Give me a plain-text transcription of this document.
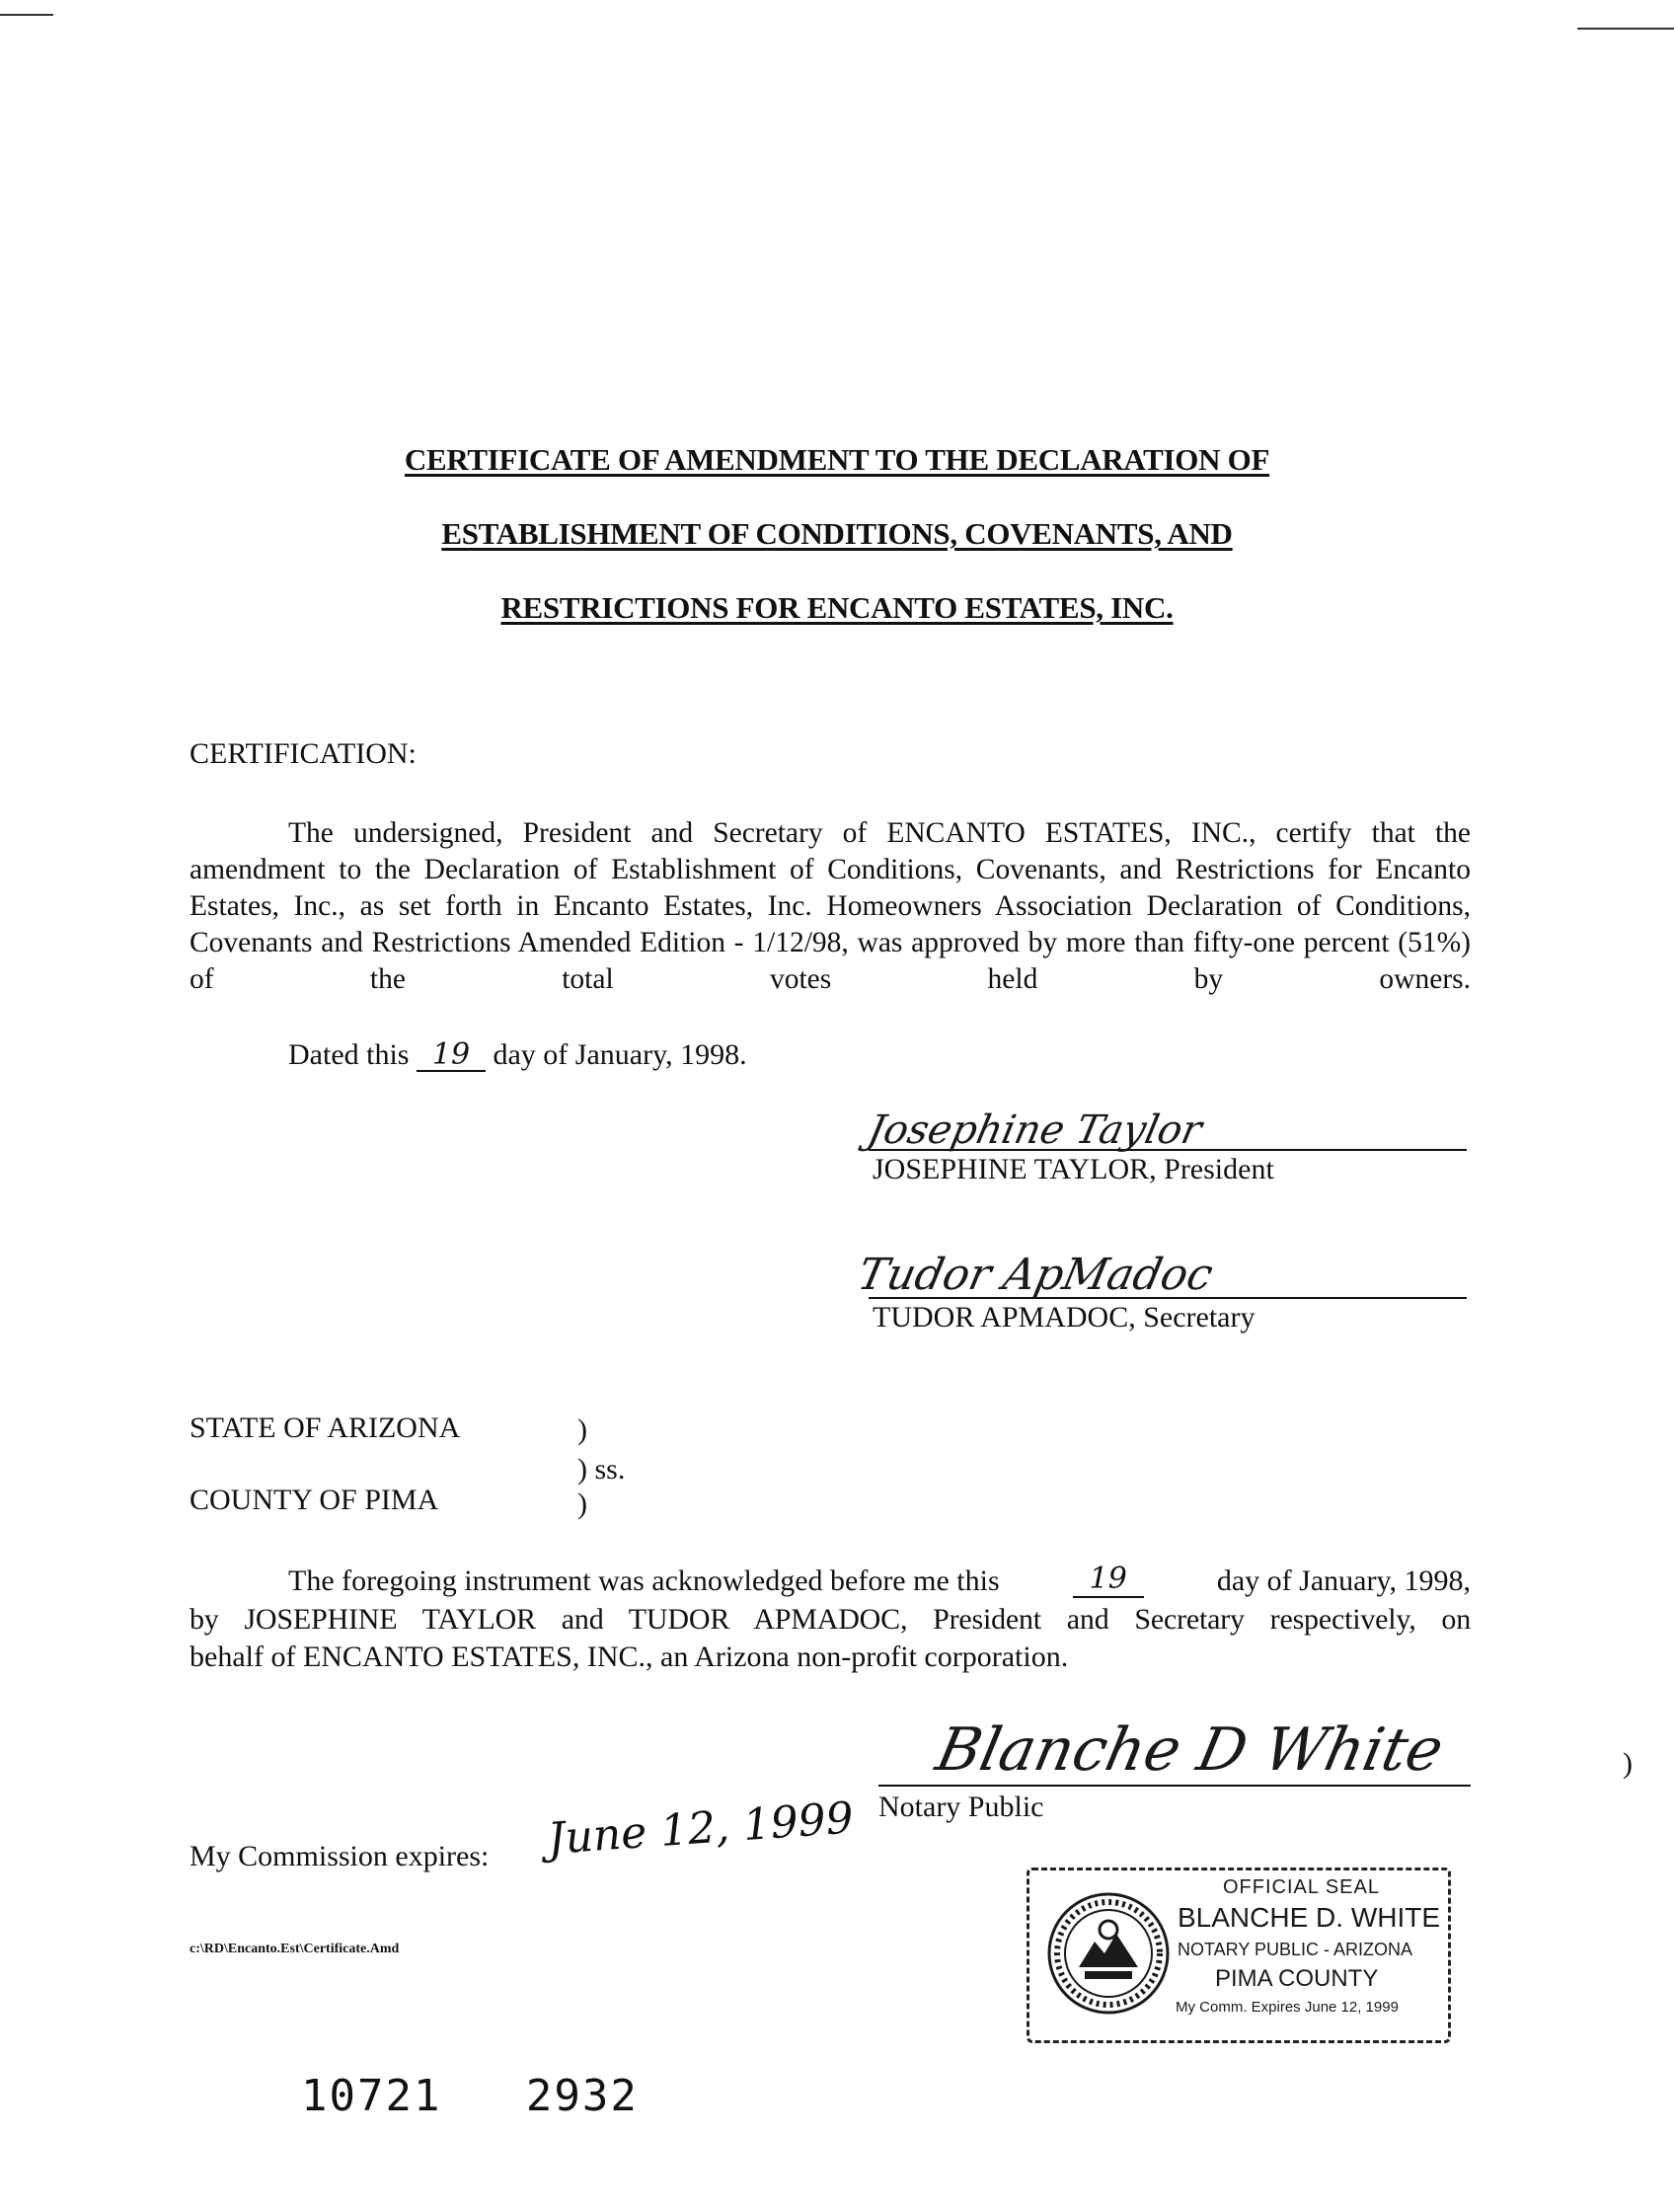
CERTIFICATE OF AMENDMENT TO THE DECLARATION OF
ESTABLISHMENT OF CONDITIONS, COVENANTS, AND
RESTRICTIONS FOR ENCANTO ESTATES, INC.
CERTIFICATION:
The undersigned, President and Secretary of ENCANTO ESTATES, INC., certify that the amendment to the Declaration of Establishment of Conditions, Covenants, and Restrictions for Encanto Estates, Inc., as set forth in Encanto Estates, Inc. Homeowners Association Declaration of Conditions, Covenants and Restrictions Amended Edition - 1/12/98, was approved by more than fifty-one percent (51%) of the total votes held by owners.
Dated this 19 day of January, 1998.
Josephine Taylor
JOSEPHINE TAYLOR, President
Tudor ApMadoc
TUDOR APMADOC, Secretary
STATE OF ARIZONA	)
) ss.
COUNTY OF PIMA	)
The foregoing instrument was acknowledged before me this	19	day of January, 1998,
by JOSEPHINE TAYLOR and TUDOR APMADOC, President and Secretary respectively, on
behalf of ENCANTO ESTATES, INC., an Arizona non-profit corporation.
Blanche D White
Notary Public
My Commission expires: June 12, 1999
OFFICIAL SEAL
BLANCHE D. WHITE
NOTARY PUBLIC - ARIZONA
PIMA COUNTY
My Comm. Expires June 12, 1999
)
c:\RD\Encanto.Est\Certificate.Amd
10721   2932
